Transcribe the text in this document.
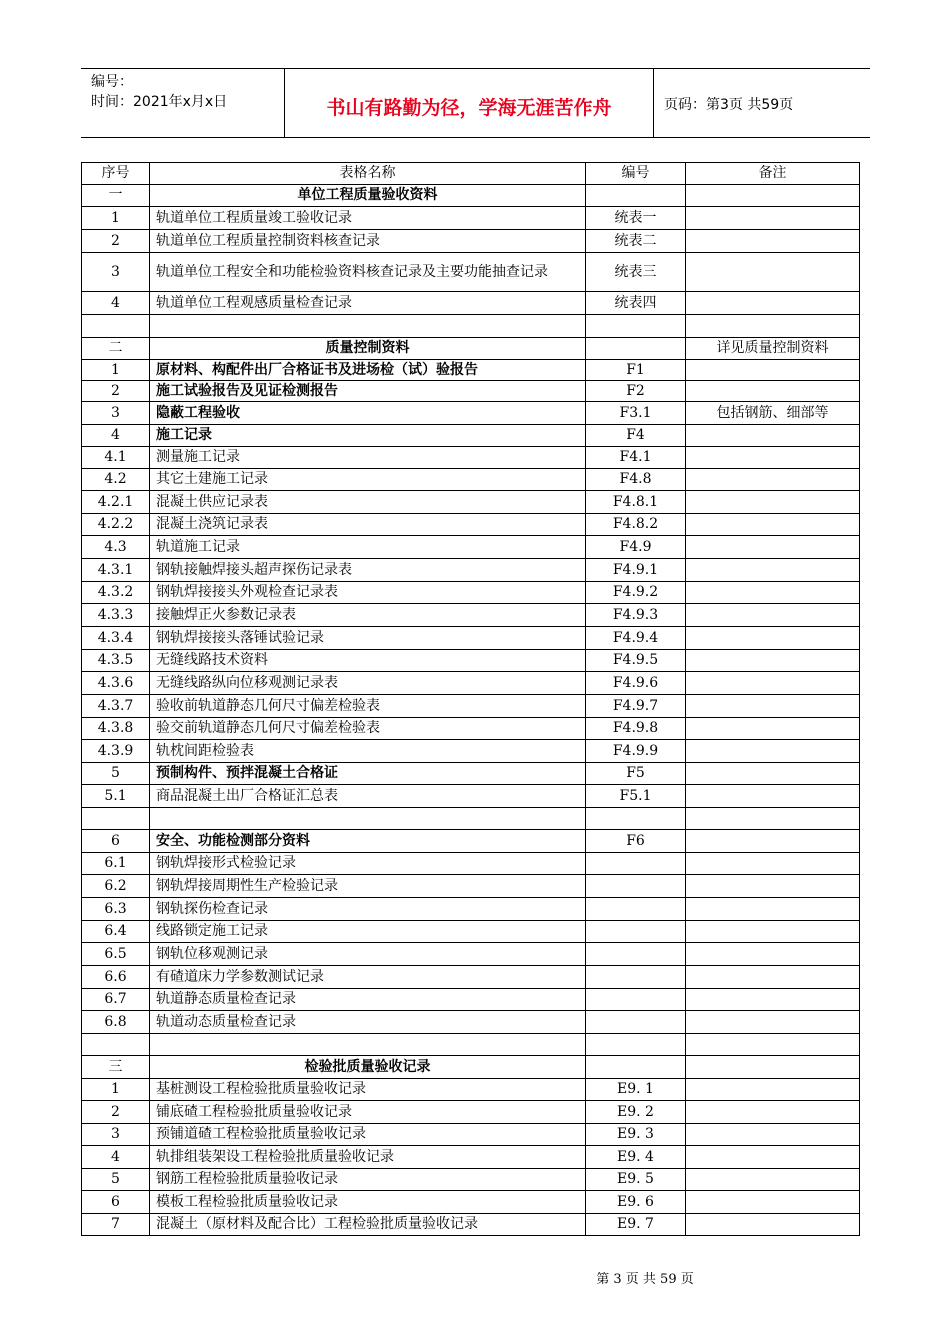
编号：
时间：2021年x月x日	书山有路勤为径，学海无涯苦作舟	页码：第3页 共59页
序号	表格名称	编号	备注
一	单位工程质量验收资料		
1	轨道单位工程质量竣工验收记录	统表一	
2	轨道单位工程质量控制资料核查记录	统表二	
3	轨道单位工程安全和功能检验资料核查记录及主要功能抽查记录	统表三	
4	轨道单位工程观感质量检查记录	统表四	

二	质量控制资料		详见质量控制资料
1	原材料、构配件出厂合格证书及进场检（试）验报告	F1	
2	施工试验报告及见证检测报告	F2	
3	隐蔽工程验收	F3.1	包括钢筋、细部等
4	施工记录	F4	
4.1	测量施工记录	F4.1	
4.2	其它土建施工记录	F4.8	
4.2.1	混凝土供应记录表	F4.8.1	
4.2.2	混凝土浇筑记录表	F4.8.2	
4.3	轨道施工记录	F4.9	
4.3.1	钢轨接触焊接头超声探伤记录表	F4.9.1	
4.3.2	钢轨焊接接头外观检查记录表	F4.9.2	
4.3.3	接触焊正火参数记录表	F4.9.3	
4.3.4	钢轨焊接接头落锤试验记录	F4.9.4	
4.3.5	无缝线路技术资料	F4.9.5	
4.3.6	无缝线路纵向位移观测记录表	F4.9.6	
4.3.7	验收前轨道静态几何尺寸偏差检验表	F4.9.7	
4.3.8	验交前轨道静态几何尺寸偏差检验表	F4.9.8	
4.3.9	轨枕间距检验表	F4.9.9	
5	预制构件、预拌混凝土合格证	F5	
5.1	商品混凝土出厂合格证汇总表	F5.1	

6	安全、功能检测部分资料	F6	
6.1	钢轨焊接形式检验记录		
6.2	钢轨焊接周期性生产检验记录		
6.3	钢轨探伤检查记录		
6.4	线路锁定施工记录		
6.5	钢轨位移观测记录		
6.6	有碴道床力学参数测试记录		
6.7	轨道静态质量检查记录		
6.8	轨道动态质量检查记录		

三	检验批质量验收记录		
1	基桩测设工程检验批质量验收记录	E9. 1	
2	铺底碴工程检验批质量验收记录	E9. 2	
3	预铺道碴工程检验批质量验收记录	E9. 3	
4	轨排组装架设工程检验批质量验收记录	E9. 4	
5	钢筋工程检验批质量验收记录	E9. 5	
6	模板工程检验批质量验收记录	E9. 6	
7	混凝土（原材料及配合比）工程检验批质量验收记录	E9. 7	
第 3 页 共 59 页
